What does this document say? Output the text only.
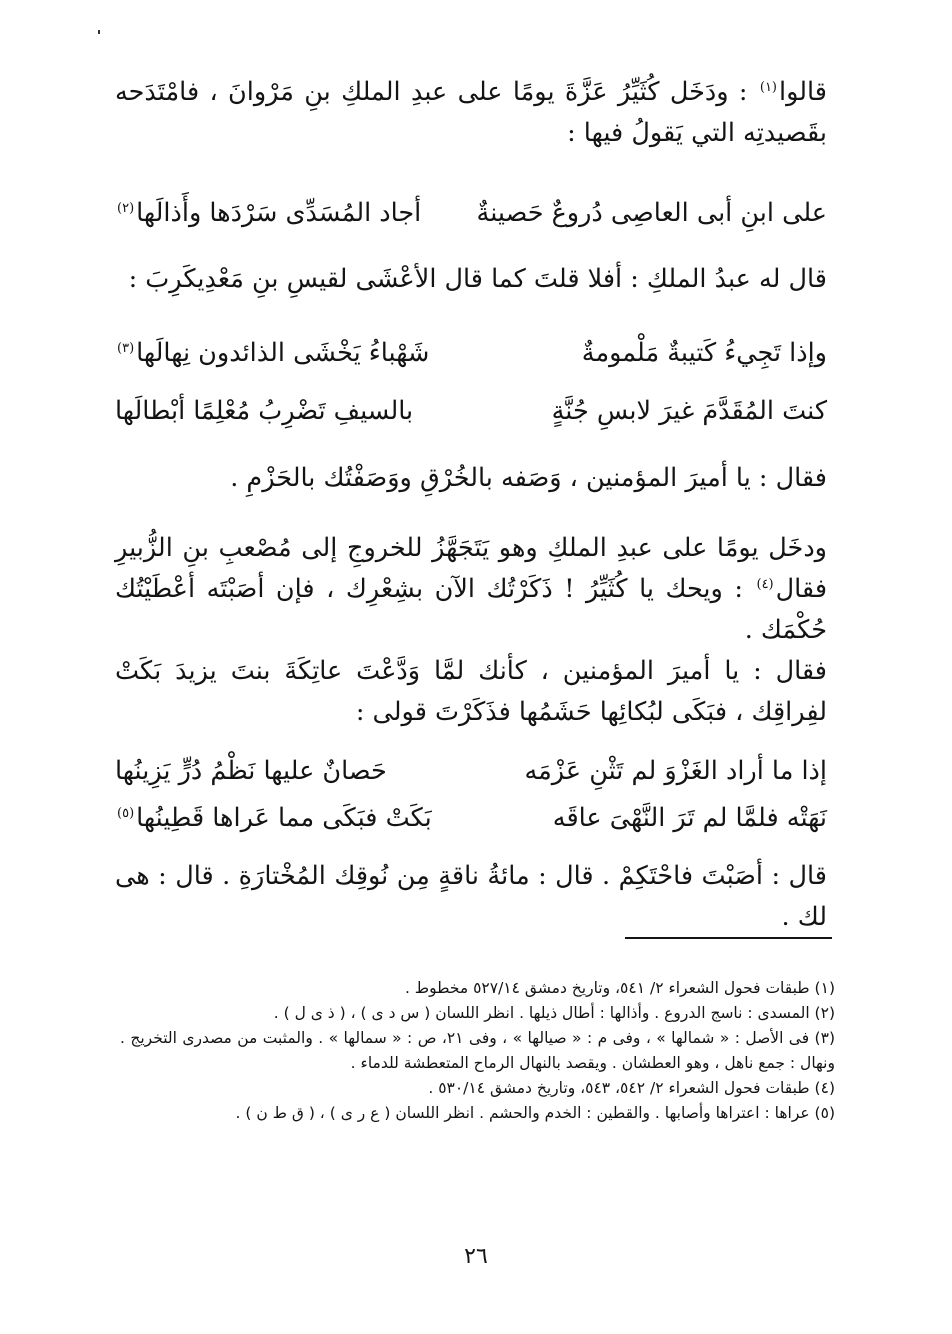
قالوا$^{(١)}$ : ودَخَل كُثَيِّرُ عَزَّةَ يومًا على عبدِ الملكِ بنِ مَرْوانَ ، فامْتَدَحه بقَصيدتِه التي يَقولُ فيها :

على ابنِ أبى العاصِى دُروعٌ حَصينةٌ
أجاد المُسَدِّى سَرْدَها وأَذالَها$^{(٢)}$

قال له عبدُ الملكِ : أفلا قلتَ كما قال الأعْشَى لقيسِ بنِ مَعْدِيكَرِبَ :

وإذا تَجِيءُ كَتيبةٌ مَلْمومةٌ
شَهْباءُ يَخْشَى الذائدون نِهالَها$^{(٣)}$
كنتَ المُقَدَّمَ غيرَ لابسِ جُنَّةٍ
بالسيفِ تَضْرِبُ مُعْلِمًا أبْطالَها

فقال : يا أميرَ المؤمنين ، وَصَفه بالخُرْقِ ووَصَفْتُك بالحَزْمِ .

ودخَل يومًا على عبدِ الملكِ وهو يَتَجَهَّزُ للخروجِ إلى مُصْعبِ بنِ الزُّبيرِ فقال$^{(٤)}$ : ويحك يا كُثَيِّرُ ! ذَكَرْتُك الآن بشِعْرِك ، فإن أصَبْتَه أعْطَيْتُك حُكْمَك .

فقال : يا أميرَ المؤمنين ، كأنك لمَّا وَدَّعْتَ عاتِكَةَ بنتَ يزيدَ بَكَتْ لفِراقِك ، فبَكَى لبُكائِها حَشَمُها فذَكَرْتَ قولى :

إذا ما أراد الغَزْوَ لم تَثْنِ عَزْمَه
حَصانٌ عليها نَظْمُ دُرٍّ يَزِينُها
نَهَتْه فلمَّا لم تَرَ النَّهْىَ عاقَه
بَكَتْ فبَكَى مما عَراها قَطِينُها$^{(٥)}$

قال : أصَبْتَ فاحْتَكِمْ . قال : مائةُ ناقةٍ مِن نُوقِك المُخْتارَةِ . قال : هى لك .

(١) طبقات فحول الشعراء ٢/ ٥٤١، وتاريخ دمشق ٥٢٧/١٤ مخطوط .

(٢) المسدى : ناسج الدروع . وأذالها : أطال ذيلها . انظر اللسان ( س د ى ) ، ( ذ ى ل ) .

(٣) فى الأصل : « شمالها » ، وفى م : « صيالها » ، وفى ٢١، ص : « سمالها » . والمثبت من مصدرى التخريج . ونهال : جمع ناهل ، وهو العطشان . ويقصد بالنهال الرماح المتعطشة للدماء .

(٤) طبقات فحول الشعراء ٢/ ٥٤٢، ٥٤٣، وتاريخ دمشق ٥٣٠/١٤ .

(٥) عراها : اعتراها وأصابها . والقطين : الخدم والحشم . انظر اللسان ( ع ر ى ) ، ( ق ط ن ) .

٢٦
